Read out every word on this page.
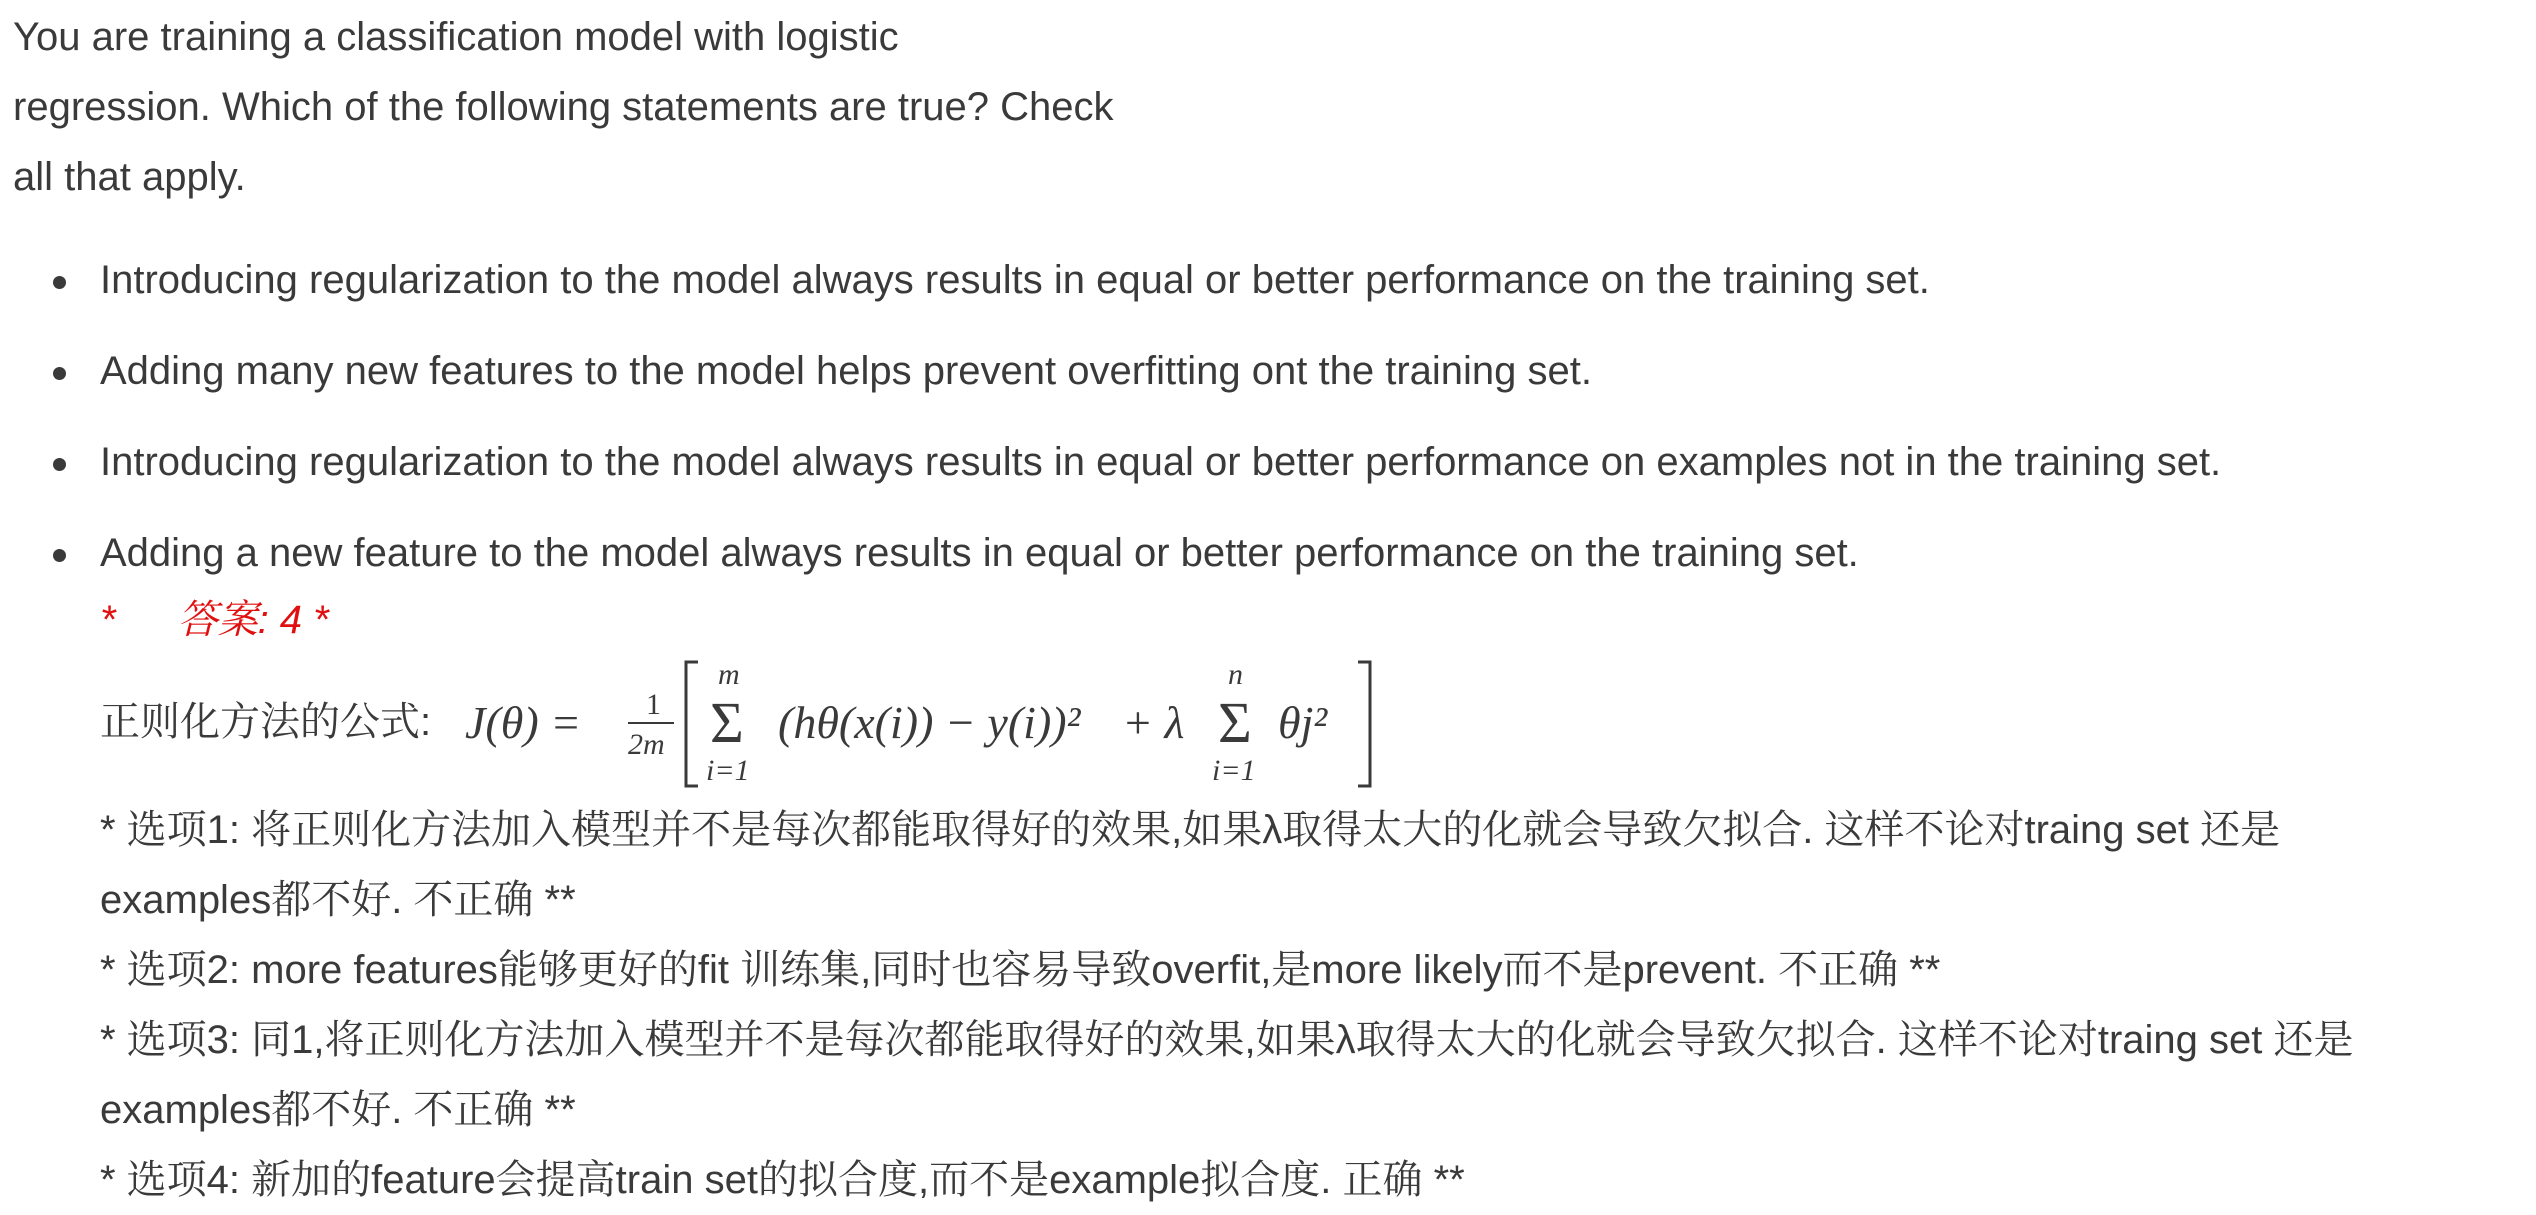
You are training a classification model with logistic
regression. Which of the following statements are true? Check
all that apply.

Introducing regularization to the model always results in equal or better performance on the training set.
Adding many new features to the model helps prevent overfitting ont the training set.
Introducing regularization to the model always results in equal or better performance on examples not in the training set.
Adding a new feature to the model always results in equal or better performance on the training set.
* 答案: 4 *
正则化方法的公式: J(θ) = 1
2m
m
Σ
i=1
(hθ(x(i)) − y(i))² + λ
n
Σ
i=1
θj²
* 选项1: 将正则化方法加入模型并不是每次都能取得好的效果,如果λ取得太大的化就会导致欠拟合. 这样不论对traing set 还是
examples都不好. 不正确 **
* 选项2: more features能够更好的fit 训练集,同时也容易导致overfit,是more likely而不是prevent. 不正确 **
* 选项3: 同1,将正则化方法加入模型并不是每次都能取得好的效果,如果λ取得太大的化就会导致欠拟合. 这样不论对traing set 还是
examples都不好. 不正确 **
* 选项4: 新加的feature会提高train set的拟合度,而不是example拟合度. 正确 **
